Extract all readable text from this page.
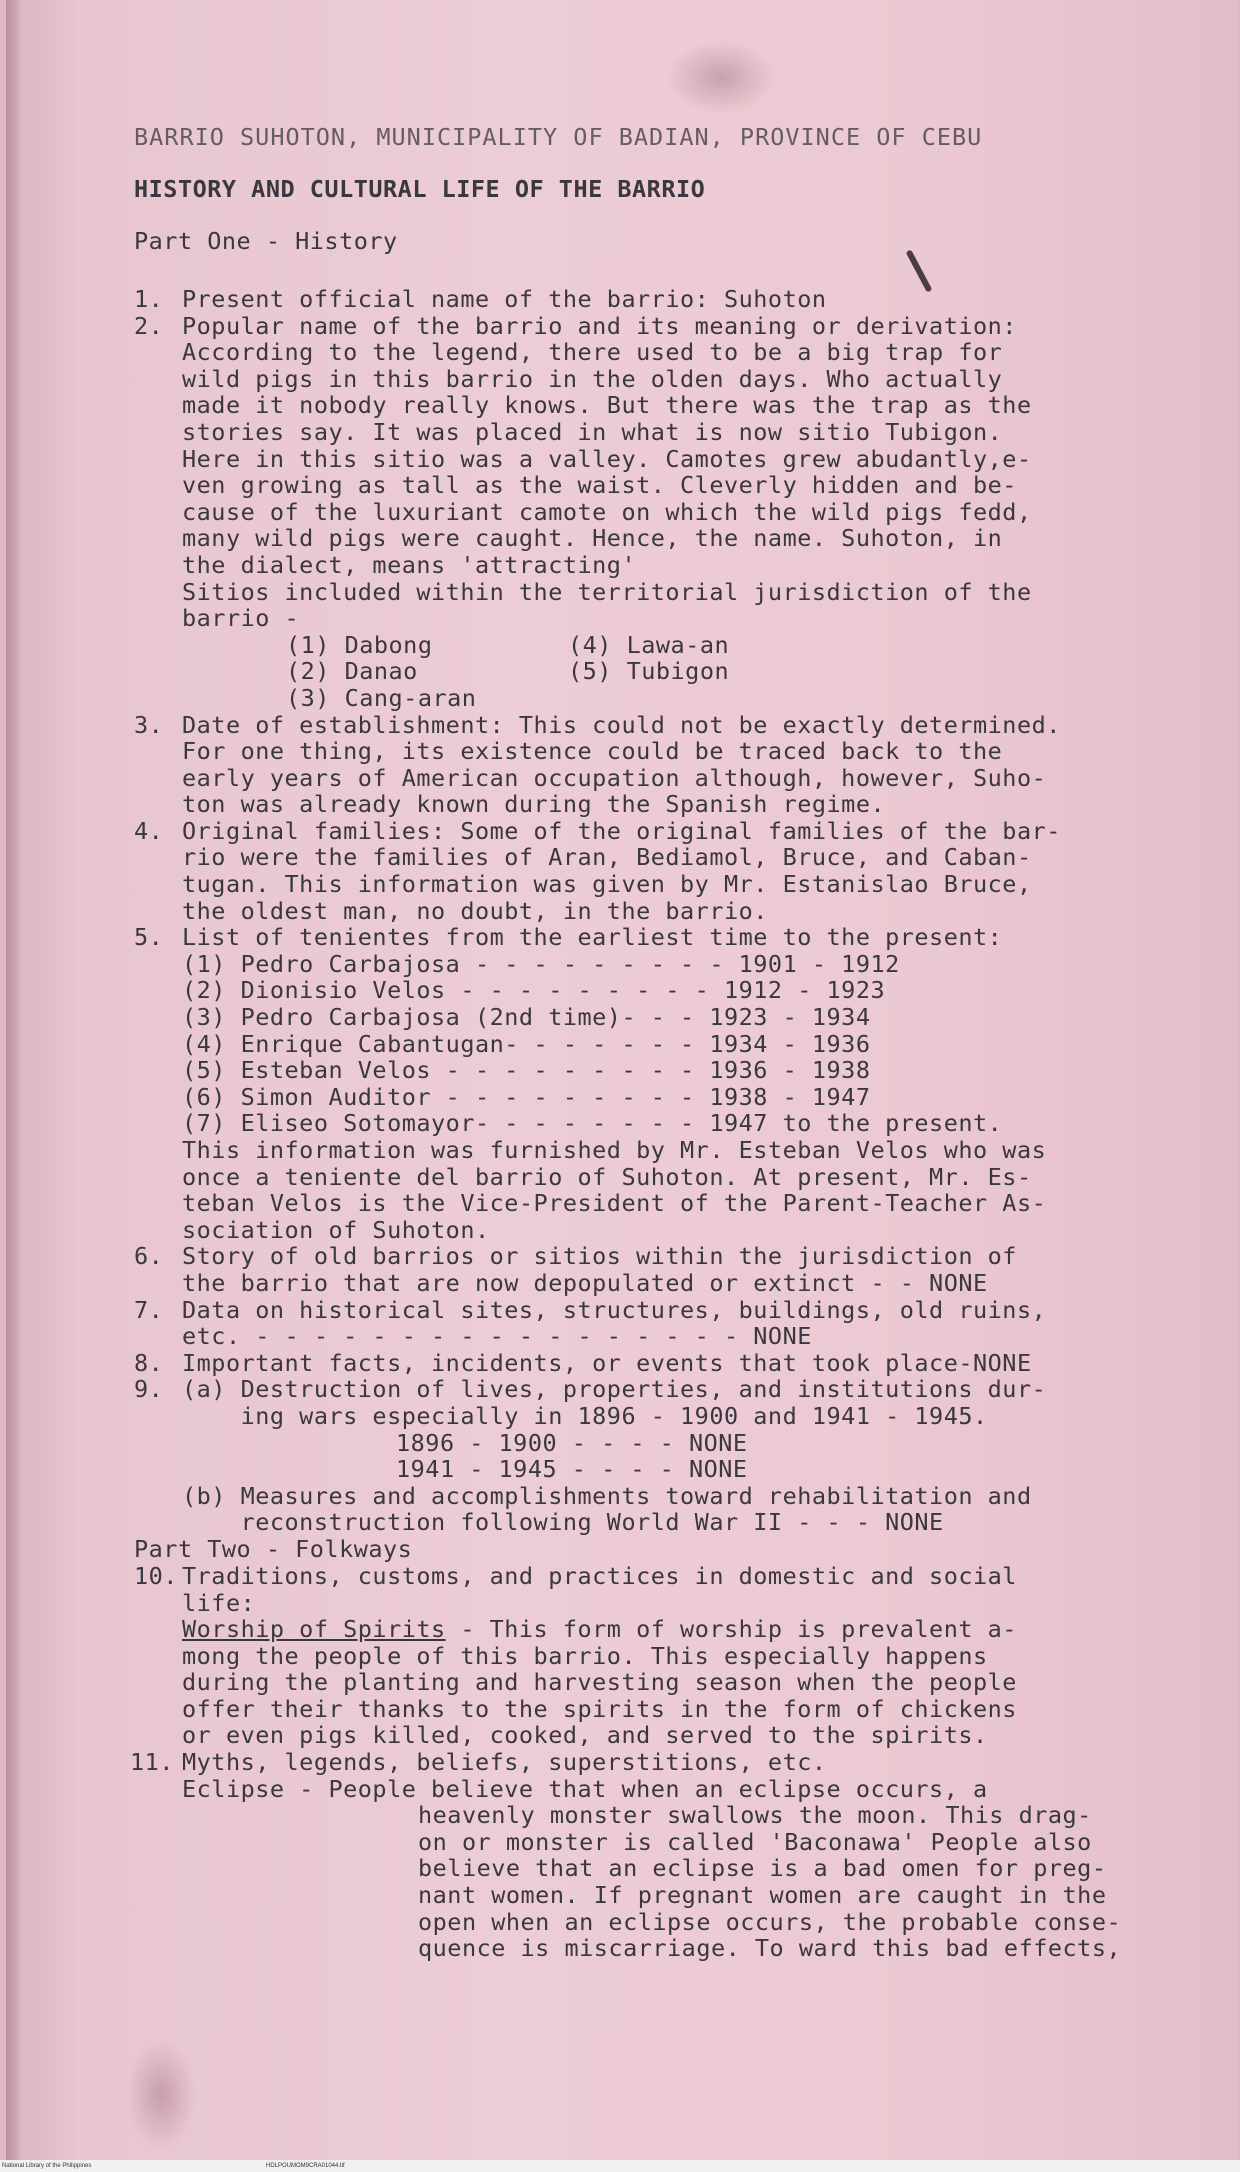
BARRIO SUHOTON, MUNICIPALITY OF BADIAN, PROVINCE OF CEBU
HISTORY AND CULTURAL LIFE OF THE BARRIO
Part One - History
1. Present official name of the barrio: Suhoton
2. Popular name of the barrio and its meaning or derivation:
According to the legend, there used to be a big trap for
wild pigs in this barrio in the olden days. Who actually
made it nobody really knows. But there was the trap as the
stories say. It was placed in what is now sitio Tubigon.
Here in this sitio was a valley. Camotes grew abudantly,e-
ven growing as tall as the waist. Cleverly hidden and be-
cause of the luxuriant camote on which the wild pigs fedd,
many wild pigs were caught. Hence, the name. Suhoton, in
the dialect, means 'attracting'
Sitios included within the territorial jurisdiction of the
barrio -
(1) Dabong	(4) Lawa-an
(2) Danao	(5) Tubigon
(3) Cang-aran	
3. Date of establishment: This could not be exactly determined.
For one thing, its existence could be traced back to the
early years of American occupation although, however, Suho-
ton was already known during the Spanish regime.
4. Original families: Some of the original families of the bar-
rio were the families of Aran, Bediamol, Bruce, and Caban-
tugan. This information was given by Mr. Estanislao Bruce,
the oldest man, no doubt, in the barrio.
5. List of tenientes from the earliest time to the present:
(1) Pedro Carbajosa - - - - - - - - - 1901 - 1912
(2) Dionisio Velos - - - - - - - - - 1912 - 1923
(3) Pedro Carbajosa (2nd time)- - - 1923 - 1934
(4) Enrique Cabantugan- - - - - - - 1934 - 1936
(5) Esteban Velos - - - - - - - - - 1936 - 1938
(6) Simon Auditor - - - - - - - - - 1938 - 1947
(7) Eliseo Sotomayor- - - - - - - - 1947 to the present.
This information was furnished by Mr. Esteban Velos who was
once a teniente del barrio of Suhoton. At present, Mr. Es-
teban Velos is the Vice-President of the Parent-Teacher As-
sociation of Suhoton.
6. Story of old barrios or sitios within the jurisdiction of
the barrio that are now depopulated or extinct - - NONE
7. Data on historical sites, structures, buildings, old ruins,
etc. - - - - - - - - - - - - - - - - - NONE
8. Important facts, incidents, or events that took place-NONE
9. (a) Destruction of lives, properties, and institutions dur-
ing wars especially in 1896 - 1900 and 1941 - 1945.
1896 - 1900 - - - - NONE
1941 - 1945 - - - - NONE
(b) Measures and accomplishments toward rehabilitation and
reconstruction following World War II - - - NONE
Part Two - Folkways
10. Traditions, customs, and practices in domestic and social
life:
Worship of Spirits - This form of worship is prevalent a-
mong the people of this barrio. This especially happens
during the planting and harvesting season when the people
offer their thanks to the spirits in the form of chickens
or even pigs killed, cooked, and served to the spirits.
11. Myths, legends, beliefs, superstitions, etc.
Eclipse - People believe that when an eclipse occurs, a
heavenly monster swallows the moon. This drag-
on or monster is called 'Baconawa' People also
believe that an eclipse is a bad omen for preg-
nant women. If pregnant women are caught in the
open when an eclipse occurs, the probable conse-
quence is miscarriage. To ward this bad effects,
National Library of the Philippines	HDLPOUMOM9CRA01044.tif
